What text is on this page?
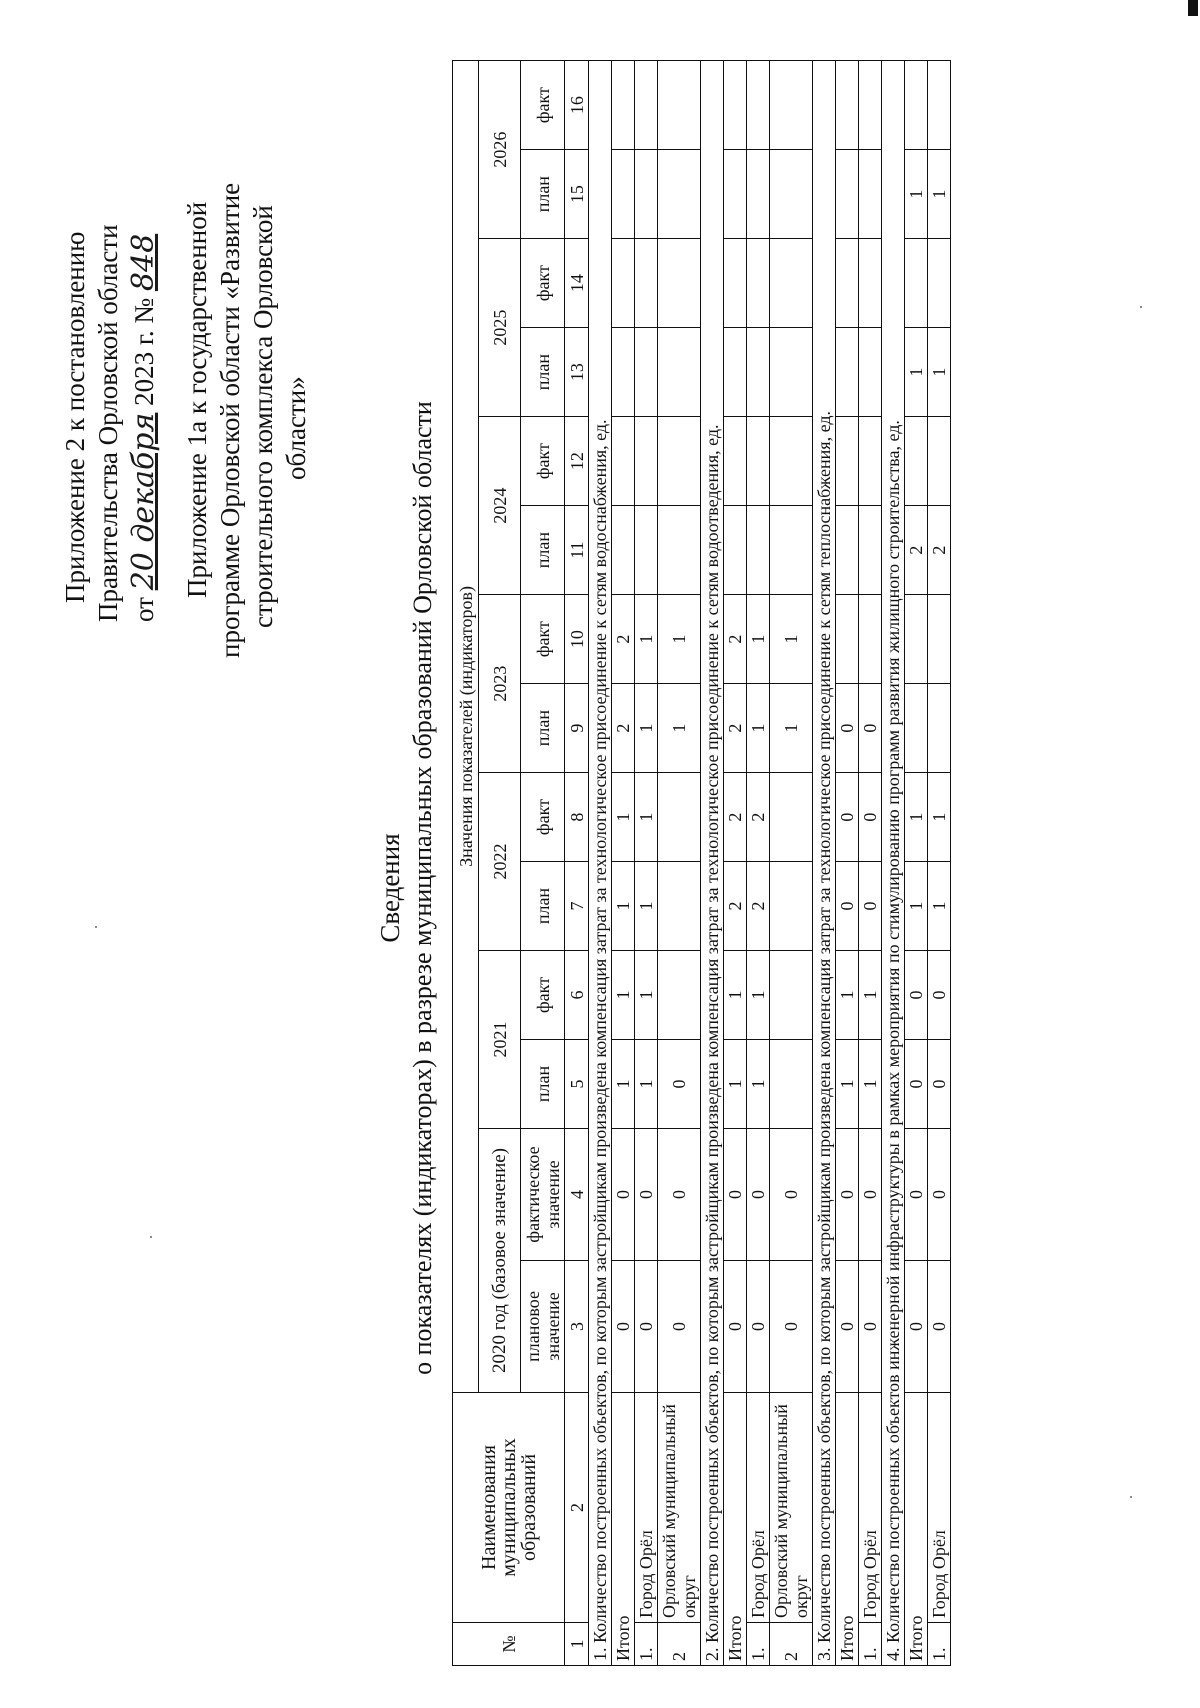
Приложение 2 к постановлению Правительства Орловской области от 20 декабря 2023 г. № 848 Приложение 1а к государственной программе Орловской области «Развитие строительного комплекса Орловской области»
Сведения о показателях (индикаторах) в разрезе муниципальных образований Орловской области
№	Наименования муниципальных образований	Значения показателей (индикаторов)													
		2020 год (базовое значение)		2021		2022		2023		2024		2025		2026	
		плановое значение	фактическое значение	план	факт	план	факт	план	факт	план	факт	план	факт	план	факт
1	2	3	4	5	6	7	8	9	10	11	12	13	14	15	16
1. Количество построенных объектов, по которым застройщикам произведена компенсация затрат за технологическое присоединение к сетям водоснабжения, ед.															
Итого		0	0	1	1	1	1	2	2						
1.	Город Орёл	0	0	1	1	1	1	1	1						
2	Орловский муниципальный округ	0	0	0				1	1						
2. Количество построенных объектов, по которым застройщикам произведена компенсация затрат за технологическое присоединение к сетям водоотведения, ед.															
Итого		0	0	1	1	2	2	2	2						
1.	Город Орёл	0	0	1	1	2	2	1	1						
2	Орловский муниципальный округ	0	0					1	1						
3. Количество построенных объектов, по которым застройщикам произведена компенсация затрат за технологическое присоединение к сетям теплоснабжения, ед.															
Итого		0	0	1	1	0	0	0							
1.	Город Орёл	0	0	1	1	0	0	0							
4. Количество построенных объектов инженерной инфраструктуры в рамках мероприятия по стимулированию программ развития жилищного строительства, ед.															
Итого		0	0	0	0	1	1			2		1		1	
1.	Город Орёл	0	0	0	0	1	1			2		1		1	
